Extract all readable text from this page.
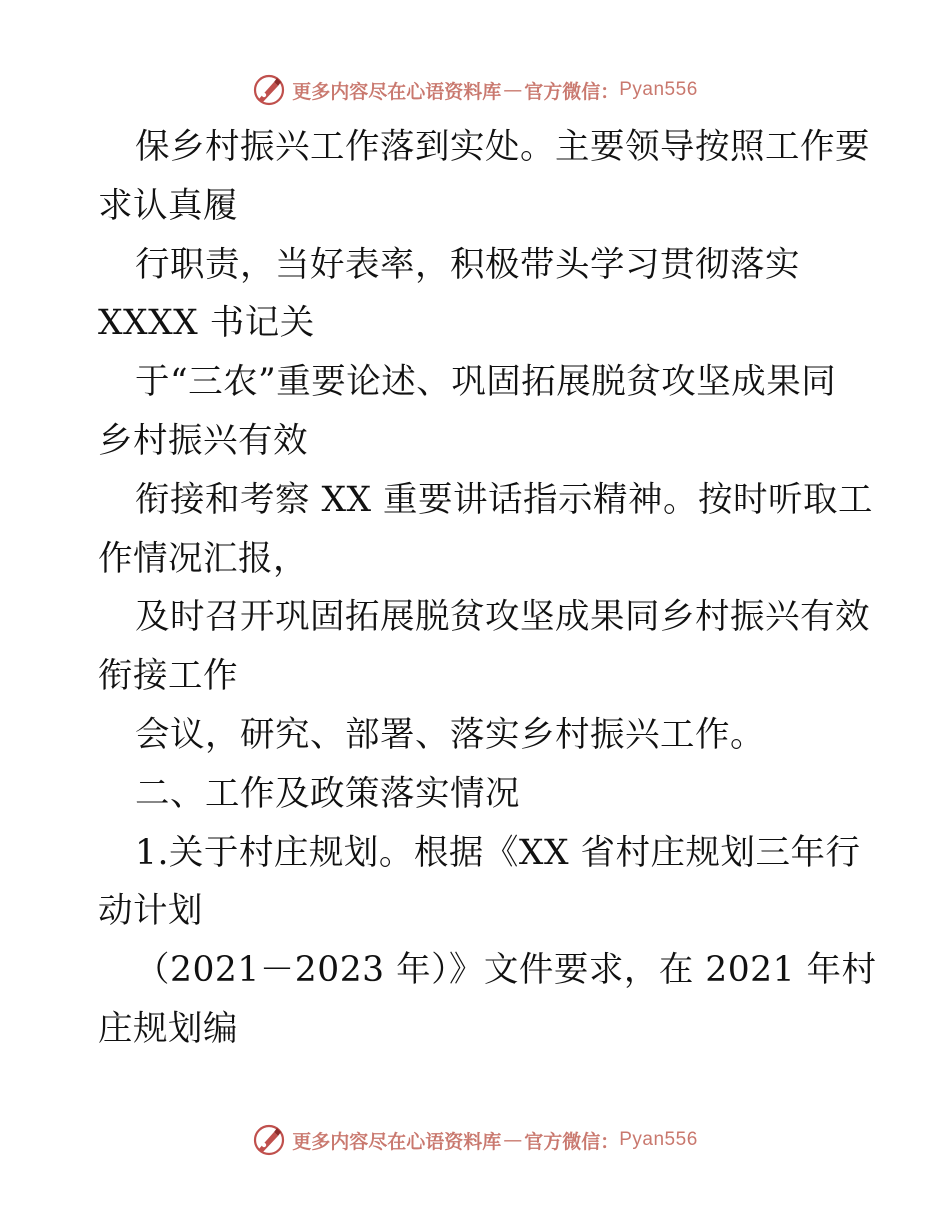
更多内容尽在心语资料库 — 官方微信： Pyan556
保乡村振兴工作落到实处。主要领导按照工作要
求认真履
行职责，当好表率，积极带头学习贯彻落实
XXXX 书记关
于“三农”重要论述、巩固拓展脱贫攻坚成果同
乡村振兴有效
衔接和考察 XX 重要讲话指示精神。按时听取工
作情况汇报，
及时召开巩固拓展脱贫攻坚成果同乡村振兴有效
衔接工作
会议，研究、部署、落实乡村振兴工作。
二、工作及政策落实情况
1.关于村庄规划。根据《XX 省村庄规划三年行
动计划
（2021－2023 年）》文件要求，在 2021 年村
庄规划编
更多内容尽在心语资料库 — 官方微信： Pyan556
